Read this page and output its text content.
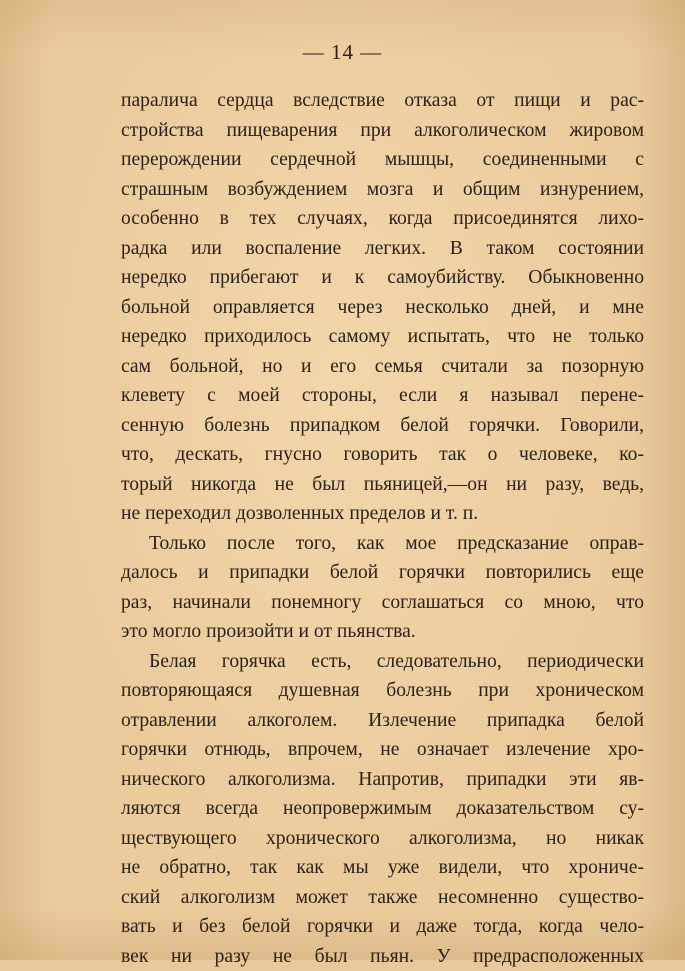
— 14 —
паралича сердца вследствие отказа от пищи и рас-
стройства пищеварения при алкоголическом жировом
перерождении сердечной мышцы, соединенными с
страшным возбуждением мозга и общим изнурением,
особенно в тех случаях, когда присоединятся лихо-
радка или воспаление легких. В таком состоянии
нередко прибегают и к самоубийству. Обыкновенно
больной оправляется через несколько дней, и мне
нередко приходилось самому испытать, что не только
сам больной, но и его семья считали за позорную
клевету с моей стороны, если я называл перене-
сенную болезнь припадком белой горячки. Говорили,
что, дескать, гнусно говорить так о человеке, ко-
торый никогда не был пьяницей,—он ни разу, ведь,
не переходил дозволенных пределов и т. п.
Только после того, как мое предсказание оправ-
далось и припадки белой горячки повторились еще
раз, начинали понемногу соглашаться со мною, что
это могло произойти и от пьянства.
Белая горячка есть, следовательно, периодически
повторяющаяся душевная болезнь при хроническом
отравлении алкоголем. Излечение припадка белой
горячки отнюдь, впрочем, не означает излечение хро-
нического алкоголизма. Напротив, припадки эти яв-
ляются всегда неопровержимым доказательством су-
ществующего хронического алкоголизма, но никак
не обратно, так как мы уже видели, что хрониче-
ский алкоголизм может также несомненно существо-
вать и без белой горячки и даже тогда, когда чело-
век ни разу не был пьян. У предрасположенных
